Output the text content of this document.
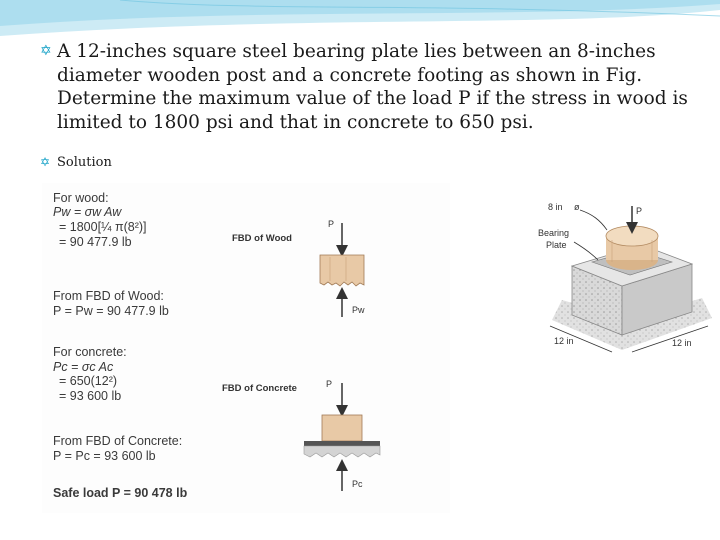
✡ A 12-inches square steel bearing plate lies between an 8-inches diameter wooden post and a concrete footing as shown in Fig. Determine the maximum value of the load P if the stress in wood is limited to 1800 psi and that in concrete to 650 psi.
✡ Solution
For wood:
Pw = σw Aw
= 1800[¼ π(8²)]
= 90 477.9 lb
From FBD of Wood:
P = Pw = 90 477.9 lb
For concrete:
Pc = σc Ac
= 650(12²)
= 93 600 lb
From FBD of Concrete:
P = Pc = 93 600 lb
Safe load P = 90 478 lb
FBD of Wood
FBD of Concrete
P
Pw
P
Pc
P
8 in ø
Bearing
Plate
12 in	12 in
